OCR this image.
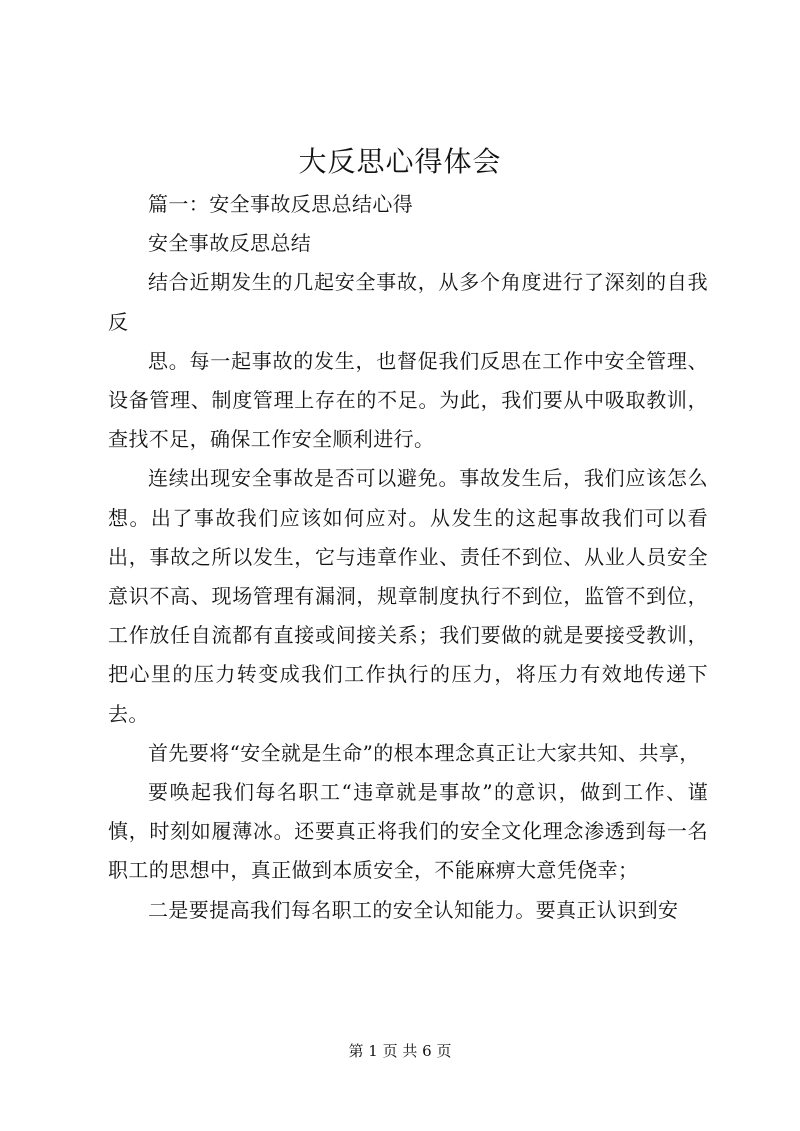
大反思心得体会

篇一：安全事故反思总结心得

安全事故反思总结

结合近期发生的几起安全事故，从多个角度进行了深刻的自我反

思。每一起事故的发生，也督促我们反思在工作中安全管理、设备管理、制度管理上存在的不足。为此，我们要从中吸取教训，查找不足，确保工作安全顺利进行。

连续出现安全事故是否可以避免。事故发生后，我们应该怎么想。出了事故我们应该如何应对。从发生的这起事故我们可以看出，事故之所以发生，它与违章作业、责任不到位、从业人员安全意识不高、现场管理有漏洞，规章制度执行不到位，监管不到位，工作放任自流都有直接或间接关系；我们要做的就是要接受教训，把心里的压力转变成我们工作执行的压力，将压力有效地传递下去。

首先要将“安全就是生命”的根本理念真正让大家共知、共享，

要唤起我们每名职工“违章就是事故”的意识，做到工作、谨慎，时刻如履薄冰。还要真正将我们的安全文化理念渗透到每一名职工的思想中，真正做到本质安全，不能麻痹大意凭侥幸；

二是要提高我们每名职工的安全认知能力。要真正认识到安

第 1 页 共 6 页
